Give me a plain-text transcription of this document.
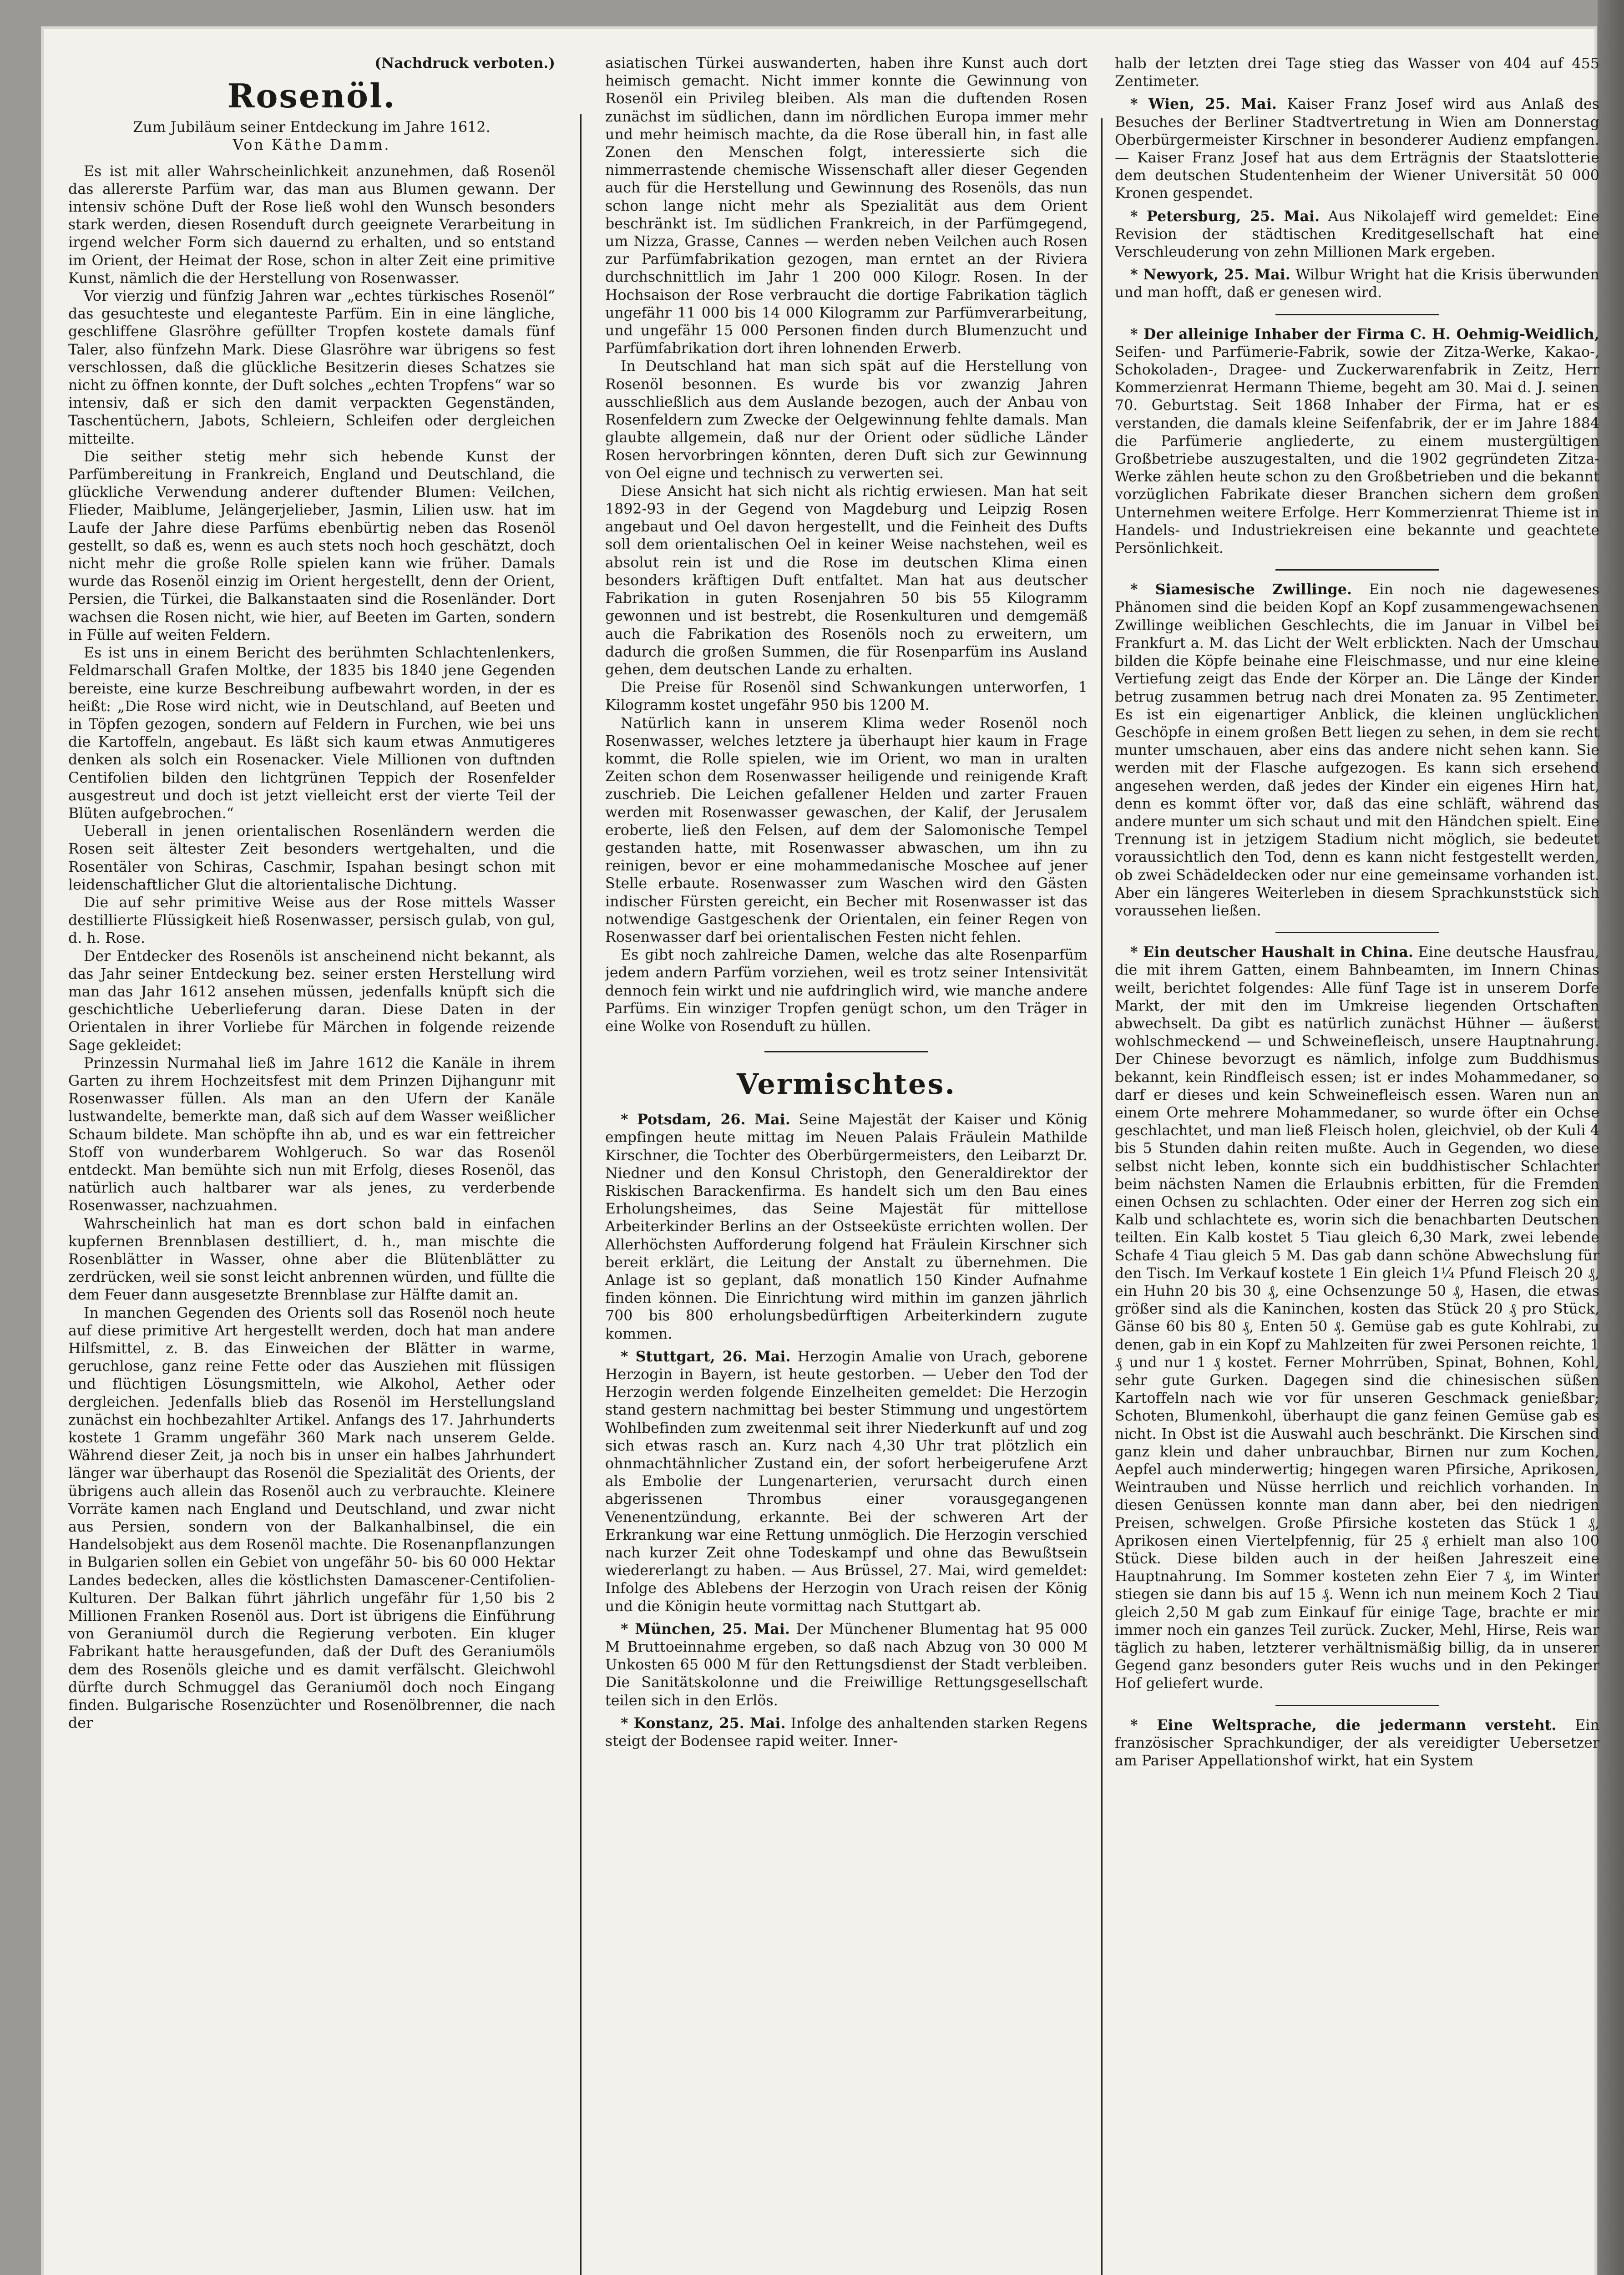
(Nachdruck verboten.)
Rosenöl.

Zum Jubiläum seiner Entdeckung im Jahre 1612.

Von Käthe Damm.

Es ist mit aller Wahrscheinlichkeit anzunehmen, daß Rosenöl das allererste Parfüm war, das man aus Blumen gewann. Der intensiv schöne Duft der Rose ließ wohl den Wunsch besonders stark werden, diesen Rosenduft durch geeignete Verarbeitung in irgend welcher Form sich dauernd zu erhalten, und so entstand im Orient, der Heimat der Rose, schon in alter Zeit eine primitive Kunst, nämlich die der Herstellung von Rosenwasser.

Vor vierzig und fünfzig Jahren war „echtes türkisches Rosenöl“ das gesuchteste und eleganteste Parfüm. Ein in eine längliche, geschliffene Glasröhre gefüllter Tropfen kostete damals fünf Taler, also fünfzehn Mark. Diese Glasröhre war übrigens so fest verschlossen, daß die glückliche Besitzerin dieses Schatzes sie nicht zu öffnen konnte, der Duft solches „echten Tropfens“ war so intensiv, daß er sich den damit verpackten Gegenständen, Taschentüchern, Jabots, Schleiern, Schleifen oder dergleichen mitteilte.

Die seither stetig mehr sich hebende Kunst der Parfümbereitung in Frankreich, England und Deutschland, die glückliche Verwendung anderer duftender Blumen: Veilchen, Flieder, Maiblume, Jelängerjelieber, Jasmin, Lilien usw. hat im Laufe der Jahre diese Parfüms ebenbürtig neben das Rosenöl gestellt, so daß es, wenn es auch stets noch hoch geschätzt, doch nicht mehr die große Rolle spielen kann wie früher. Damals wurde das Rosenöl einzig im Orient hergestellt, denn der Orient, Persien, die Türkei, die Balkanstaaten sind die Rosenländer. Dort wachsen die Rosen nicht, wie hier, auf Beeten im Garten, sondern in Fülle auf weiten Feldern.

Es ist uns in einem Bericht des berühmten Schlachtenlenkers, Feldmarschall Grafen Moltke, der 1835 bis 1840 jene Gegenden bereiste, eine kurze Beschreibung aufbewahrt worden, in der es heißt: „Die Rose wird nicht, wie in Deutschland, auf Beeten und in Töpfen gezogen, sondern auf Feldern in Furchen, wie bei uns die Kartoffeln, angebaut. Es läßt sich kaum etwas Anmutigeres denken als solch ein Rosenacker. Viele Millionen von duftnden Centifolien bilden den lichtgrünen Teppich der Rosenfelder ausgestreut und doch ist jetzt vielleicht erst der vierte Teil der Blüten aufgebrochen.“

Ueberall in jenen orientalischen Rosenländern werden die Rosen seit ältester Zeit besonders wertgehalten, und die Rosentäler von Schiras, Caschmir, Ispahan besingt schon mit leidenschaftlicher Glut die altorientalische Dichtung.

Die auf sehr primitive Weise aus der Rose mittels Wasser destillierte Flüssigkeit hieß Rosenwasser, persisch gulab, von gul, d. h. Rose.

Der Entdecker des Rosenöls ist anscheinend nicht bekannt, als das Jahr seiner Entdeckung bez. seiner ersten Herstellung wird man das Jahr 1612 ansehen müssen, jedenfalls knüpft sich die geschichtliche Ueberlieferung daran. Diese Daten in der Orientalen in ihrer Vorliebe für Märchen in folgende reizende Sage gekleidet:

Prinzessin Nurmahal ließ im Jahre 1612 die Kanäle in ihrem Garten zu ihrem Hochzeitsfest mit dem Prinzen Dijhangunr mit Rosenwasser füllen. Als man an den Ufern der Kanäle lustwandelte, bemerkte man, daß sich auf dem Wasser weißlicher Schaum bildete. Man schöpfte ihn ab, und es war ein fettreicher Stoff von wunderbarem Wohlgeruch. So war das Rosenöl entdeckt. Man bemühte sich nun mit Erfolg, dieses Rosenöl, das natürlich auch haltbarer war als jenes, zu verderbende Rosenwasser, nachzuahmen.

Wahrscheinlich hat man es dort schon bald in einfachen kupfernen Brennblasen destilliert, d. h., man mischte die Rosenblätter in Wasser, ohne aber die Blütenblätter zu zerdrücken, weil sie sonst leicht anbrennen würden, und füllte die dem Feuer dann ausgesetzte Brennblase zur Hälfte damit an.

In manchen Gegenden des Orients soll das Rosenöl noch heute auf diese primitive Art hergestellt werden, doch hat man andere Hilfsmittel, z. B. das Einweichen der Blätter in warme, geruchlose, ganz reine Fette oder das Ausziehen mit flüssigen und flüchtigen Lösungsmitteln, wie Alkohol, Aether oder dergleichen. Jedenfalls blieb das Rosenöl im Herstellungsland zunächst ein hochbezahlter Artikel. Anfangs des 17. Jahrhunderts kostete 1 Gramm ungefähr 360 Mark nach unserem Gelde. Während dieser Zeit, ja noch bis in unser ein halbes Jahrhundert länger war überhaupt das Rosenöl die Spezialität des Orients, der übrigens auch allein das Rosenöl auch zu verbrauchte. Kleinere Vorräte kamen nach England und Deutschland, und zwar nicht aus Persien, sondern von der Balkanhalbinsel, die ein Handelsobjekt aus dem Rosenöl machte. Die Rosenanpflanzungen in Bulgarien sollen ein Gebiet von ungefähr 50- bis 60 000 Hektar Landes bedecken, alles die köstlichsten Damascener-Centifolien-Kulturen. Der Balkan führt jährlich ungefähr für 1,50 bis 2 Millionen Franken Rosenöl aus. Dort ist übrigens die Einführung von Geraniumöl durch die Regierung verboten. Ein kluger Fabrikant hatte herausgefunden, daß der Duft des Geraniumöls dem des Rosenöls gleiche und es damit verfälscht. Gleichwohl dürfte durch Schmuggel das Geraniumöl doch noch Eingang finden. Bulgarische Rosenzüchter und Rosenölbrenner, die nach der

asiatischen Türkei auswanderten, haben ihre Kunst auch dort heimisch gemacht. Nicht immer konnte die Gewinnung von Rosenöl ein Privileg bleiben. Als man die duftenden Rosen zunächst im südlichen, dann im nördlichen Europa immer mehr und mehr heimisch machte, da die Rose überall hin, in fast alle Zonen den Menschen folgt, interessierte sich die nimmerrastende chemische Wissenschaft aller dieser Gegenden auch für die Herstellung und Gewinnung des Rosenöls, das nun schon lange nicht mehr als Spezialität aus dem Orient beschränkt ist. Im südlichen Frankreich, in der Parfümgegend, um Nizza, Grasse, Cannes — werden neben Veilchen auch Rosen zur Parfümfabrikation gezogen, man erntet an der Riviera durchschnittlich im Jahr 1 200 000 Kilogr. Rosen. In der Hochsaison der Rose verbraucht die dortige Fabrikation täglich ungefähr 11 000 bis 14 000 Kilogramm zur Parfümverarbeitung, und ungefähr 15 000 Personen finden durch Blumenzucht und Parfümfabrikation dort ihren lohnenden Erwerb.

In Deutschland hat man sich spät auf die Herstellung von Rosenöl besonnen. Es wurde bis vor zwanzig Jahren ausschließlich aus dem Auslande bezogen, auch der Anbau von Rosenfeldern zum Zwecke der Oelgewinnung fehlte damals. Man glaubte allgemein, daß nur der Orient oder südliche Länder Rosen hervorbringen könnten, deren Duft sich zur Gewinnung von Oel eigne und technisch zu verwerten sei.

Diese Ansicht hat sich nicht als richtig erwiesen. Man hat seit 1892-93 in der Gegend von Magdeburg und Leipzig Rosen angebaut und Oel davon hergestellt, und die Feinheit des Dufts soll dem orientalischen Oel in keiner Weise nachstehen, weil es absolut rein ist und die Rose im deutschen Klima einen besonders kräftigen Duft entfaltet. Man hat aus deutscher Fabrikation in guten Rosenjahren 50 bis 55 Kilogramm gewonnen und ist bestrebt, die Rosenkulturen und demgemäß auch die Fabrikation des Rosenöls noch zu erweitern, um dadurch die großen Summen, die für Rosenparfüm ins Ausland gehen, dem deutschen Lande zu erhalten.

Die Preise für Rosenöl sind Schwankungen unterworfen, 1 Kilogramm kostet ungefähr 950 bis 1200 M.

Natürlich kann in unserem Klima weder Rosenöl noch Rosenwasser, welches letztere ja überhaupt hier kaum in Frage kommt, die Rolle spielen, wie im Orient, wo man in uralten Zeiten schon dem Rosenwasser heiligende und reinigende Kraft zuschrieb. Die Leichen gefallener Helden und zarter Frauen werden mit Rosenwasser gewaschen, der Kalif, der Jerusalem eroberte, ließ den Felsen, auf dem der Salomonische Tempel gestanden hatte, mit Rosenwasser abwaschen, um ihn zu reinigen, bevor er eine mohammedanische Moschee auf jener Stelle erbaute. Rosenwasser zum Waschen wird den Gästen indischer Fürsten gereicht, ein Becher mit Rosenwasser ist das notwendige Gastgeschenk der Orientalen, ein feiner Regen von Rosenwasser darf bei orientalischen Festen nicht fehlen.

Es gibt noch zahlreiche Damen, welche das alte Rosenparfüm jedem andern Parfüm vorziehen, weil es trotz seiner Intensivität dennoch fein wirkt und nie aufdringlich wird, wie manche andere Parfüms. Ein winziger Tropfen genügt schon, um den Träger in eine Wolke von Rosenduft zu hüllen.

Vermischtes.

* Potsdam, 26. Mai. Seine Majestät der Kaiser und König empfingen heute mittag im Neuen Palais Fräulein Mathilde Kirschner, die Tochter des Oberbürgermeisters, den Leibarzt Dr. Niedner und den Konsul Christoph, den Generaldirektor der Riskischen Barackenfirma. Es handelt sich um den Bau eines Erholungsheimes, das Seine Majestät für mittellose Arbeiterkinder Berlins an der Ostseeküste errichten wollen. Der Allerhöchsten Aufforderung folgend hat Fräulein Kirschner sich bereit erklärt, die Leitung der Anstalt zu übernehmen. Die Anlage ist so geplant, daß monatlich 150 Kinder Aufnahme finden können. Die Einrichtung wird mithin im ganzen jährlich 700 bis 800 erholungsbedürftigen Arbeiterkindern zugute kommen.

* Stuttgart, 26. Mai. Herzogin Amalie von Urach, geborene Herzogin in Bayern, ist heute gestorben. — Ueber den Tod der Herzogin werden folgende Einzelheiten gemeldet: Die Herzogin stand gestern nachmittag bei bester Stimmung und ungestörtem Wohlbefinden zum zweitenmal seit ihrer Niederkunft auf und zog sich etwas rasch an. Kurz nach 4,30 Uhr trat plötzlich ein ohnmachtähnlicher Zustand ein, der sofort herbeigerufene Arzt als Embolie der Lungenarterien, verursacht durch einen abgerissenen Thrombus einer vorausgegangenen Venenentzündung, erkannte. Bei der schweren Art der Erkrankung war eine Rettung unmöglich. Die Herzogin verschied nach kurzer Zeit ohne Todeskampf und ohne das Bewußtsein wiedererlangt zu haben. — Aus Brüssel, 27. Mai, wird gemeldet: Infolge des Ablebens der Herzogin von Urach reisen der König und die Königin heute vormittag nach Stuttgart ab.

* München, 25. Mai. Der Münchener Blumentag hat 95 000 M Bruttoeinnahme ergeben, so daß nach Abzug von 30 000 M Unkosten 65 000 M für den Rettungsdienst der Stadt verbleiben. Die Sanitätskolonne und die Freiwillige Rettungsgesellschaft teilen sich in den Erlös.

* Konstanz, 25. Mai. Infolge des anhaltenden starken Regens steigt der Bodensee rapid weiter. Inner-

halb der letzten drei Tage stieg das Wasser von 404 auf 455 Zentimeter.

* Wien, 25. Mai. Kaiser Franz Josef wird aus Anlaß des Besuches der Berliner Stadtvertretung in Wien am Donnerstag Oberbürgermeister Kirschner in besonderer Audienz empfangen. — Kaiser Franz Josef hat aus dem Erträgnis der Staatslotterie dem deutschen Studentenheim der Wiener Universität 50 000 Kronen gespendet.

* Petersburg, 25. Mai. Aus Nikolajeff wird gemeldet: Eine Revision der städtischen Kreditgesellschaft hat eine Verschleuderung von zehn Millionen Mark ergeben.

* Newyork, 25. Mai. Wilbur Wright hat die Krisis überwunden und man hofft, daß er genesen wird.

* Der alleinige Inhaber der Firma C. H. Oehmig-Weidlich, Seifen- und Parfümerie-Fabrik, sowie der Zitza-Werke, Kakao-, Schokoladen-, Dragee- und Zuckerwarenfabrik in Zeitz, Herr Kommerzienrat Hermann Thieme, begeht am 30. Mai d. J. seinen 70. Geburtstag. Seit 1868 Inhaber der Firma, hat er es verstanden, die damals kleine Seifenfabrik, der er im Jahre 1884 die Parfümerie angliederte, zu einem mustergültigen Großbetriebe auszugestalten, und die 1902 gegründeten Zitza-Werke zählen heute schon zu den Großbetrieben und die bekannt vorzüglichen Fabrikate dieser Branchen sichern dem großen Unternehmen weitere Erfolge. Herr Kommerzienrat Thieme ist in Handels- und Industriekreisen eine bekannte und geachtete Persönlichkeit.

* Siamesische Zwillinge. Ein noch nie dagewesenes Phänomen sind die beiden Kopf an Kopf zusammengewachsenen Zwillinge weiblichen Geschlechts, die im Januar in Vilbel bei Frankfurt a. M. das Licht der Welt erblickten. Nach der Umschau bilden die Köpfe beinahe eine Fleischmasse, und nur eine kleine Vertiefung zeigt das Ende der Körper an. Die Länge der Kinder betrug zusammen betrug nach drei Monaten za. 95 Zentimeter. Es ist ein eigenartiger Anblick, die kleinen unglücklichen Geschöpfe in einem großen Bett liegen zu sehen, in dem sie recht munter umschauen, aber eins das andere nicht sehen kann. Sie werden mit der Flasche aufgezogen. Es kann sich ersehend angesehen werden, daß jedes der Kinder ein eigenes Hirn hat, denn es kommt öfter vor, daß das eine schläft, während das andere munter um sich schaut und mit den Händchen spielt. Eine Trennung ist in jetzigem Stadium nicht möglich, sie bedeutet voraussichtlich den Tod, denn es kann nicht festgestellt werden, ob zwei Schädeldecken oder nur eine gemeinsame vorhanden ist. Aber ein längeres Weiterleben in diesem Sprachkunststück sich voraussehen ließen.

* Ein deutscher Haushalt in China. Eine deutsche Hausfrau, die mit ihrem Gatten, einem Bahnbeamten, im Innern Chinas weilt, berichtet folgendes: Alle fünf Tage ist in unserem Dorfe Markt, der mit den im Umkreise liegenden Ortschaften abwechselt. Da gibt es natürlich zunächst Hühner — äußerst wohlschmeckend — und Schweinefleisch, unsere Hauptnahrung. Der Chinese bevorzugt es nämlich, infolge zum Buddhismus bekannt, kein Rindfleisch essen; ist er indes Mohammedaner, so darf er dieses und kein Schweinefleisch essen. Waren nun an einem Orte mehrere Mohammedaner, so wurde öfter ein Ochse geschlachtet, und man ließ Fleisch holen, gleichviel, ob der Kuli 4 bis 5 Stunden dahin reiten mußte. Auch in Gegenden, wo diese selbst nicht leben, konnte sich ein buddhistischer Schlachter beim nächsten Namen die Erlaubnis erbitten, für die Fremden einen Ochsen zu schlachten. Oder einer der Herren zog sich ein Kalb und schlachtete es, worin sich die benachbarten Deutschen teilten. Ein Kalb kostet 5 Tiau gleich 6,30 Mark, zwei lebende Schafe 4 Tiau gleich 5 M. Das gab dann schöne Abwechslung für den Tisch. Im Verkauf kostete 1 Ein gleich 1¼ Pfund Fleisch 20 ₰, ein Huhn 20 bis 30 ₰, eine Ochsenzunge 50 ₰, Hasen, die etwas größer sind als die Kaninchen, kosten das Stück 20 ₰ pro Stück, Gänse 60 bis 80 ₰, Enten 50 ₰. Gemüse gab es gute Kohlrabi, zu denen, gab in ein Kopf zu Mahlzeiten für zwei Personen reichte, 1 ₰ und nur 1 ₰ kostet. Ferner Mohrrüben, Spinat, Bohnen, Kohl, sehr gute Gurken. Dagegen sind die chinesischen süßen Kartoffeln nach wie vor für unseren Geschmack genießbar; Schoten, Blumenkohl, überhaupt die ganz feinen Gemüse gab es nicht. In Obst ist die Auswahl auch beschränkt. Die Kirschen sind ganz klein und daher unbrauchbar, Birnen nur zum Kochen, Aepfel auch minderwertig; hingegen waren Pfirsiche, Aprikosen, Weintrauben und Nüsse herrlich und reichlich vorhanden. In diesen Genüssen konnte man dann aber, bei den niedrigen Preisen, schwelgen. Große Pfirsiche kosteten das Stück 1 ₰, Aprikosen einen Viertelpfennig, für 25 ₰ erhielt man also 100 Stück. Diese bilden auch in der heißen Jahreszeit eine Hauptnahrung. Im Sommer kosteten zehn Eier 7 ₰, im Winter stiegen sie dann bis auf 15 ₰. Wenn ich nun meinem Koch 2 Tiau gleich 2,50 M gab zum Einkauf für einige Tage, brachte er mir immer noch ein ganzes Teil zurück. Zucker, Mehl, Hirse, Reis war täglich zu haben, letzterer verhältnismäßig billig, da in unserer Gegend ganz besonders guter Reis wuchs und in den Pekinger Hof geliefert wurde.

* Eine Weltsprache, die jedermann versteht. Ein französischer Sprachkundiger, der als vereidigter Uebersetzer am Pariser Appellationshof wirkt, hat ein System
